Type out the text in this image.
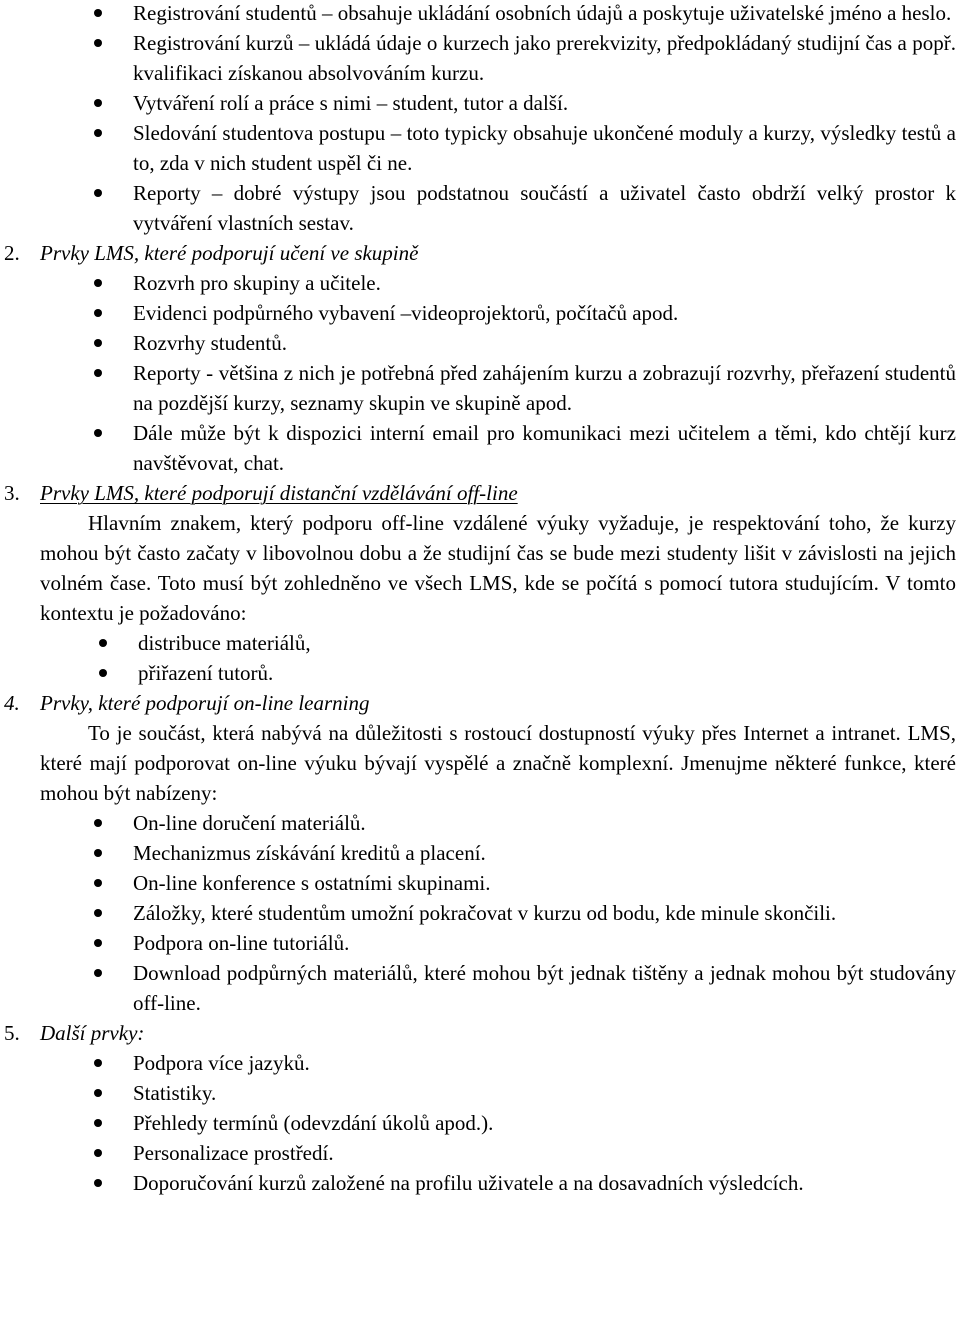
Registrování studentů – obsahuje ukládání osobních údajů a poskytuje uživatelské jméno a heslo.
Registrování kurzů – ukládá údaje o kurzech jako prerekvizity, předpokládaný studijní čas a popř. kvalifikaci získanou absolvováním kurzu.
Vytváření rolí a práce s nimi – student, tutor a další.
Sledování studentova postupu – toto typicky obsahuje ukončené moduly a kurzy, výsledky testů a to, zda v nich student uspěl či ne.
Reporty – dobré výstupy jsou podstatnou součástí a uživatel často obdrží velký prostor k vytváření vlastních sestav.
2. Prvky LMS, které podporují učení ve skupině
Rozvrh pro skupiny a učitele.
Evidenci podpůrného vybavení –videoprojektorů, počítačů apod.
Rozvrhy studentů.
Reporty - většina z nich je potřebná před zahájením kurzu a zobrazují rozvrhy, přeřazení studentů na pozdější kurzy, seznamy skupin ve skupině apod.
Dále může být k dispozici interní email pro komunikaci mezi učitelem a těmi, kdo chtějí kurz navštěvovat, chat.
3. Prvky LMS, které podporují distanční vzdělávání off-line

Hlavním znakem, který podporu off-line vzdálené výuky vyžaduje, je respektování toho, že kurzy mohou být často začaty v libovolnou dobu a že studijní čas se bude mezi studenty lišit v závislosti na jejich volném čase. Toto musí být zohledněno ve všech LMS, kde se počítá s pomocí tutora studujícím. V tomto kontextu je požadováno:

distribuce materiálů,
přiřazení tutorů.
4. Prvky, které podporují on-line learning

To je součást, která nabývá na důležitosti s rostoucí dostupností výuky přes Internet a intranet. LMS, které mají podporovat on-line výuku bývají vyspělé a značně komplexní. Jmenujme některé funkce, které mohou být nabízeny:

On-line doručení materiálů.
Mechanizmus získávání kreditů a placení.
On-line konference s ostatními skupinami.
Záložky, které studentům umožní pokračovat v kurzu od bodu, kde minule skončili.
Podpora on-line tutoriálů.
Download podpůrných materiálů, které mohou být jednak tištěny a jednak mohou být studovány off-line.
5. Další prvky:
Podpora více jazyků.
Statistiky.
Přehledy termínů (odevzdání úkolů apod.).
Personalizace prostředí.
Doporučování kurzů založené na profilu uživatele a na dosavadních výsledcích.
